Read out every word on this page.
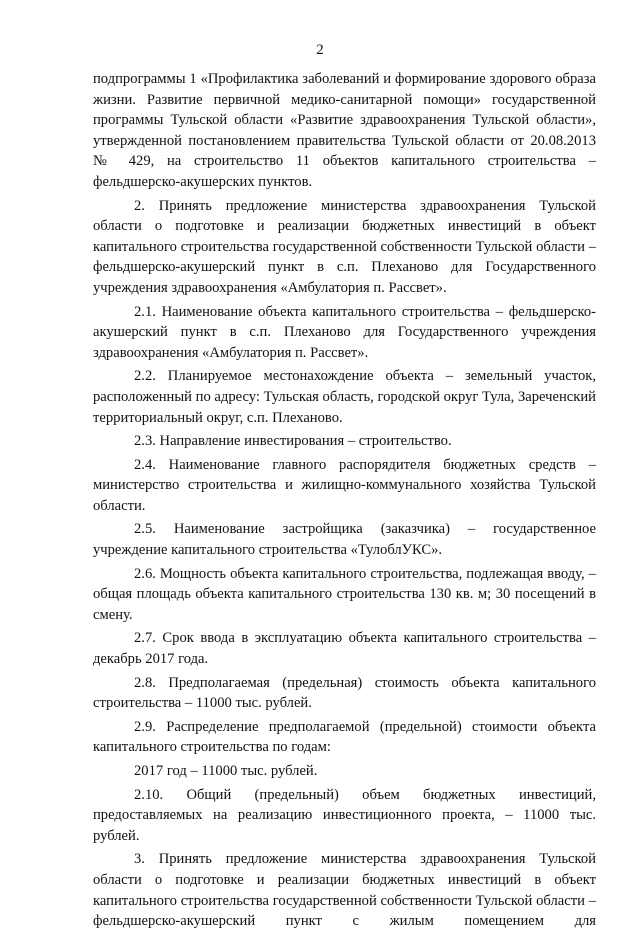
2

подпрограммы 1 «Профилактика заболеваний и формирование здорового образа жизни. Развитие первичной медико-санитарной помощи» государственной программы Тульской области «Развитие здравоохранения Тульской области», утвержденной постановлением правительства Тульской области от 20.08.2013 № 429, на строительство 11 объектов капитального строительства – фельдшерско-акушерских пунктов.

2. Принять предложение министерства здравоохранения Тульской области о подготовке и реализации бюджетных инвестиций в объект капитального строительства государственной собственности Тульской области – фельдшерско-акушерский пункт в с.п. Плеханово для Государственного учреждения здравоохранения «Амбулатория п. Рассвет».

2.1. Наименование объекта капитального строительства – фельдшерско-акушерский пункт в с.п. Плеханово для Государственного учреждения здравоохранения «Амбулатория п. Рассвет».

2.2. Планируемое местонахождение объекта – земельный участок, расположенный по адресу: Тульская область, городской округ Тула, Зареченский территориальный округ, с.п. Плеханово.

2.3. Направление инвестирования – строительство.

2.4. Наименование главного распорядителя бюджетных средств – министерство строительства и жилищно-коммунального хозяйства Тульской области.

2.5. Наименование застройщика (заказчика) – государственное учреждение капитального строительства «ТулоблУКС».

2.6. Мощность объекта капитального строительства, подлежащая вводу, – общая площадь объекта капитального строительства 130 кв. м; 30 посещений в смену.

2.7. Срок ввода в эксплуатацию объекта капитального строительства – декабрь 2017 года.

2.8. Предполагаемая (предельная) стоимость объекта капитального строительства – 11000 тыс. рублей.

2.9. Распределение предполагаемой (предельной) стоимости объекта капитального строительства по годам:

2017 год – 11000 тыс. рублей.

2.10. Общий (предельный) объем бюджетных инвестиций, предоставляемых на реализацию инвестиционного проекта, – 11000 тыс. рублей.

3. Принять предложение министерства здравоохранения Тульской области о подготовке и реализации бюджетных инвестиций в объект капитального строительства государственной собственности Тульской области – фельдшерско-акушерский пункт с жилым помещением для
